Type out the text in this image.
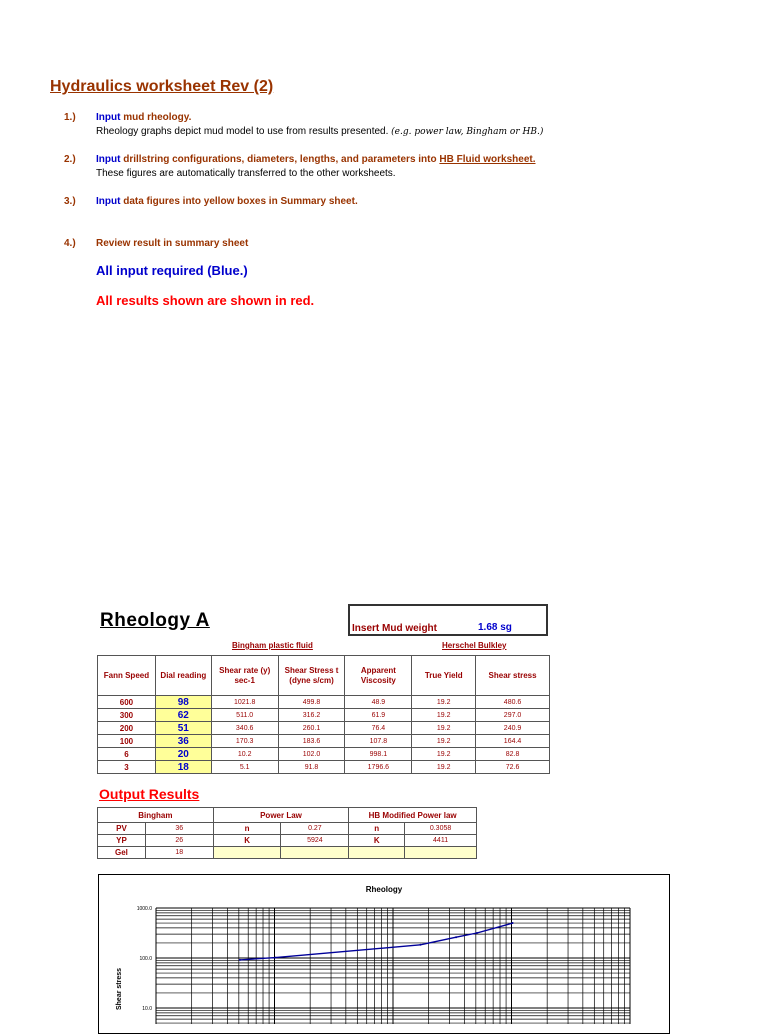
Hydraulics worksheet Rev (2)
1.) Input mud rheology.
Rheology graphs depict mud model to use from results presented. (e.g. power law, Bingham or HB.)
2.) Input drillstring configurations, diameters, lengths, and parameters into HB Fluid worksheet.
These figures are automatically transferred to the other worksheets.
3.) Input data figures into yellow boxes in Summary sheet.
4.) Review result in summary sheet
All input required (Blue.)
All results shown are shown in red.
Rheology A	Insert Mud weight	1.68 sg
Bingham plastic fluid	Herschel Bulkley
Fann Speed	Dial reading	Shear rate (y) sec-1	Shear Stress t (dyne s/cm)	Apparent Viscosity	True Yield	Shear stress
600	98	1021.8	499.8	48.9	19.2	480.6
300	62	511.0	316.2	61.9	19.2	297.0
200	51	340.6	260.1	76.4	19.2	240.9
100	36	170.3	183.6	107.8	19.2	164.4
6	20	10.2	102.0	998.1	19.2	82.8
3	18	5.1	91.8	1796.6	19.2	72.6
Output Results
Bingham		Power Law		HB Modified Power law	
PV	36	n	0.27	n	0.3058
YP	26	K	5924	K	4411
Gel	18				
Rheology
Shear stress
1000.0
100.0
10.0
